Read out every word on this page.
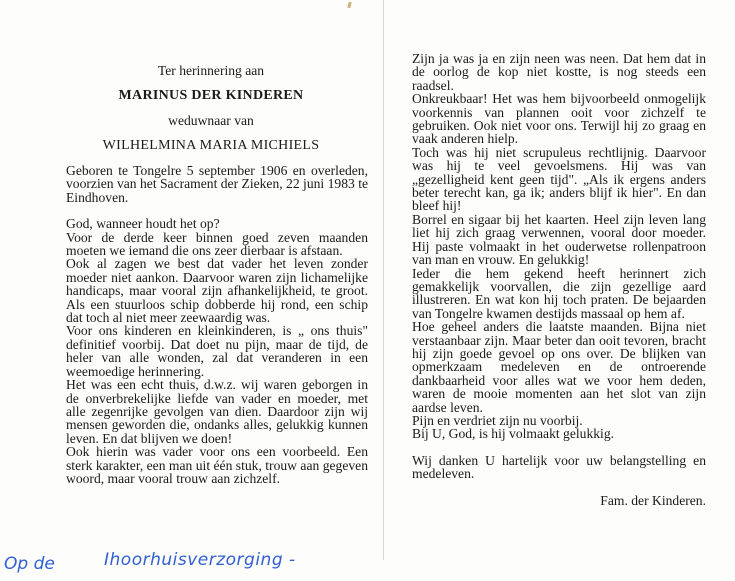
Ter herinnering aan
MARINUS DER KINDEREN
weduwnaar van
WILHELMINA MARIA MICHIELS

Geboren te Tongelre 5 september 1906 en overleden, voorzien van het Sacrament der Zieken, 22 juni 1983 te Eindhoven.

God, wanneer houdt het op?

Voor de derde keer binnen goed zeven maanden moeten we iemand die ons zeer dierbaar is afstaan.

Ook al zagen we best dat vader het leven zonder moeder niet aankon. Daarvoor waren zijn lichamelijke handicaps, maar vooral zijn afhankelijkheid, te groot. Als een stuurloos schip dobberde hij rond, een schip dat toch al niet meer zeewaardig was.

Voor ons kinderen en kleinkinderen, is „ ons thuis" definitief voorbij. Dat doet nu pijn, maar de tijd, de heler van alle wonden, zal dat veranderen in een weemoedige herinnering.

Het was een echt thuis, d.w.z. wij waren geborgen in de onverbrekelijke liefde van vader en moeder, met alle zegenrijke gevolgen van dien. Daardoor zijn wij mensen geworden die, ondanks alles, gelukkig kunnen leven. En dat blijven we doen!

Ook hierin was vader voor ons een voorbeeld. Een sterk karakter, een man uit één stuk, trouw aan gegeven woord, maar vooral trouw aan zichzelf.

Zijn ja was ja en zijn neen was neen. Dat hem dat in de oorlog de kop niet kostte, is nog steeds een raadsel.

Onkreukbaar! Het was hem bijvoorbeeld onmogelijk voorkennis van plannen ooit voor zichzelf te gebruiken. Ook niet voor ons. Terwijl hij zo graag en vaak anderen hielp.

Toch was hij niet scrupuleus rechtlijnig. Daarvoor was hij te veel gevoelsmens. Hij was van „gezelligheid kent geen tijd". „Als ik ergens anders beter terecht kan, ga ik; anders blijf ik hier". En dan bleef hij!

Borrel en sigaar bij het kaarten. Heel zijn leven lang liet hij zich graag verwennen, vooral door moeder. Hij paste volmaakt in het ouderwetse rollenpatroon van man en vrouw. En gelukkig!

Ieder die hem gekend heeft herinnert zich gemakkelijk voorvallen, die zijn gezellige aard illustreren. En wat kon hij toch praten. De bejaarden van Tongelre kwamen destijds massaal op hem af.

Hoe geheel anders die laatste maanden. Bijna niet verstaanbaar zijn. Maar beter dan ooit tevoren, bracht hij zijn goede gevoel op ons over. De blijken van opmerkzaam medeleven en de ontroerende dankbaarheid voor alles wat we voor hem deden, waren de mooie momenten aan het slot van zijn aardse leven.

Pijn en verdriet zijn nu voorbij.

Bij U, God, is hij volmaakt gelukkig.

Wij danken U hartelijk voor uw belangstelling en medeleven.

Fam. der Kinderen.

Op de	Ihoorhuisverzorging -
